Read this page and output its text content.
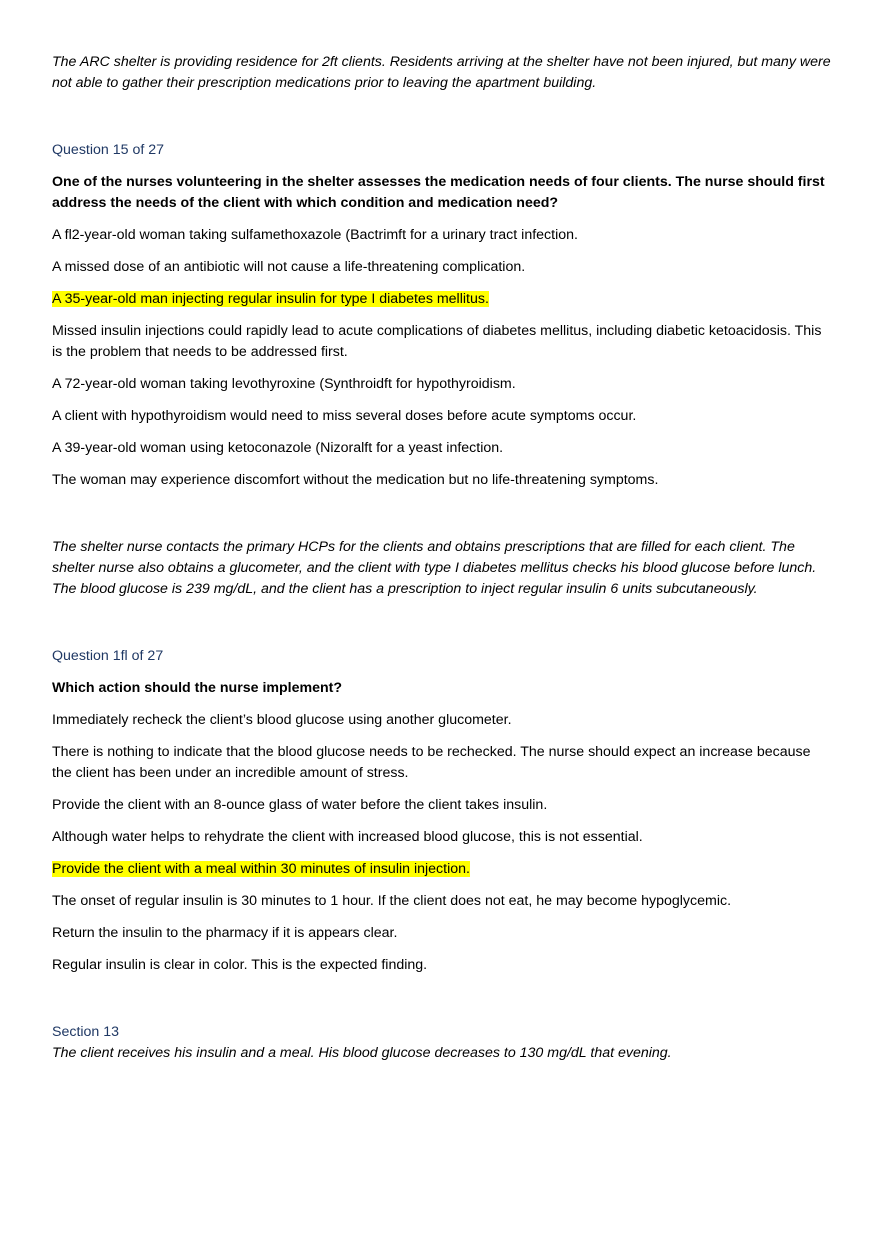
The ARC shelter is providing residence for 2ft clients. Residents arriving at the shelter have not been injured, but many were not able to gather their prescription medications prior to leaving the apartment building.

Question 15 of 27

One of the nurses volunteering in the shelter assesses the medication needs of four clients. The nurse should first address the needs of the client with which condition and medication need?

A fl2-year-old woman taking sulfamethoxazole (Bactrimft for a urinary tract infection.

A missed dose of an antibiotic will not cause a life-threatening complication.

A 35-year-old man injecting regular insulin for type I diabetes mellitus.

Missed insulin injections could rapidly lead to acute complications of diabetes mellitus, including diabetic ketoacidosis. This is the problem that needs to be addressed first.

A 72-year-old woman taking levothyroxine (Synthroidft for hypothyroidism.

A client with hypothyroidism would need to miss several doses before acute symptoms occur.

A 39-year-old woman using ketoconazole (Nizoralft for a yeast infection.

The woman may experience discomfort without the medication but no life-threatening symptoms.

The shelter nurse contacts the primary HCPs for the clients and obtains prescriptions that are filled for each client. The shelter nurse also obtains a glucometer, and the client with type I diabetes mellitus checks his blood glucose before lunch. The blood glucose is 239 mg/dL, and the client has a prescription to inject regular insulin 6 units subcutaneously.

Question 1fl of 27

Which action should the nurse implement?

Immediately recheck the client’s blood glucose using another glucometer.

There is nothing to indicate that the blood glucose needs to be rechecked. The nurse should expect an increase because the client has been under an incredible amount of stress.

Provide the client with an 8-ounce glass of water before the client takes insulin.

Although water helps to rehydrate the client with increased blood glucose, this is not essential.

Provide the client with a meal within 30 minutes of insulin injection.

The onset of regular insulin is 30 minutes to 1 hour. If the client does not eat, he may become hypoglycemic.

Return the insulin to the pharmacy if it is appears clear.

Regular insulin is clear in color. This is the expected finding.

Section 13

The client receives his insulin and a meal. His blood glucose decreases to 130 mg/dL that evening.
